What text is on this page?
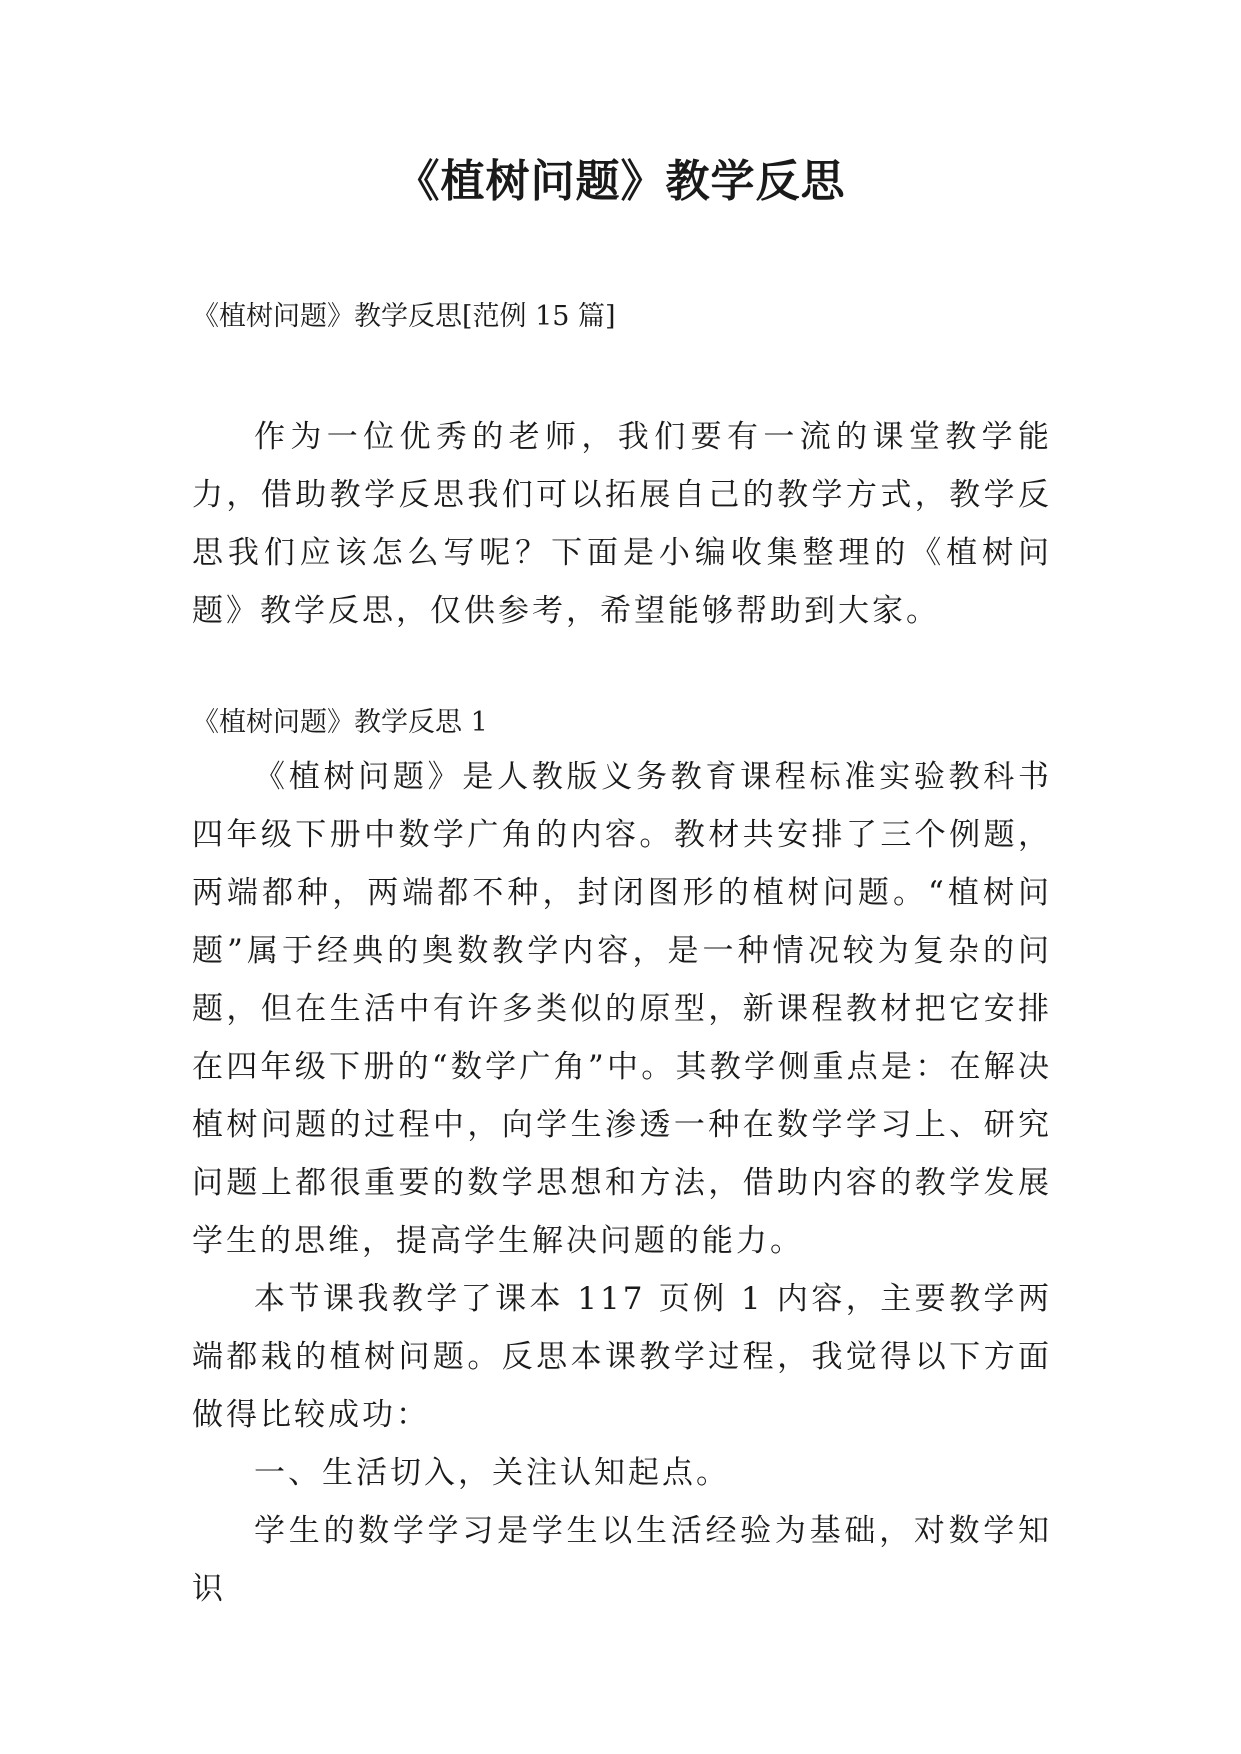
《植树问题》教学反思
《植树问题》教学反思[范例 15 篇]

作为一位优秀的老师，我们要有一流的课堂教学能力，借助教学反思我们可以拓展自己的教学方式，教学反思我们应该怎么写呢？下面是小编收集整理的《植树问题》教学反思，仅供参考，希望能够帮助到大家。

《植树问题》教学反思 1

《植树问题》是人教版义务教育课程标准实验教科书四年级下册中数学广角的内容。教材共安排了三个例题，两端都种，两端都不种，封闭图形的植树问题。“植树问题”属于经典的奥数教学内容，是一种情况较为复杂的问题，但在生活中有许多类似的原型，新课程教材把它安排在四年级下册的“数学广角”中。其教学侧重点是：在解决植树问题的过程中，向学生渗透一种在数学学习上、研究问题上都很重要的数学思想和方法，借助内容的教学发展学生的思维，提高学生解决问题的能力。

本节课我教学了课本 117 页例 1 内容，主要教学两端都栽的植树问题。反思本课教学过程，我觉得以下方面做得比较成功：

一、生活切入，关注认知起点。

学生的数学学习是学生以生活经验为基础，对数学知识
